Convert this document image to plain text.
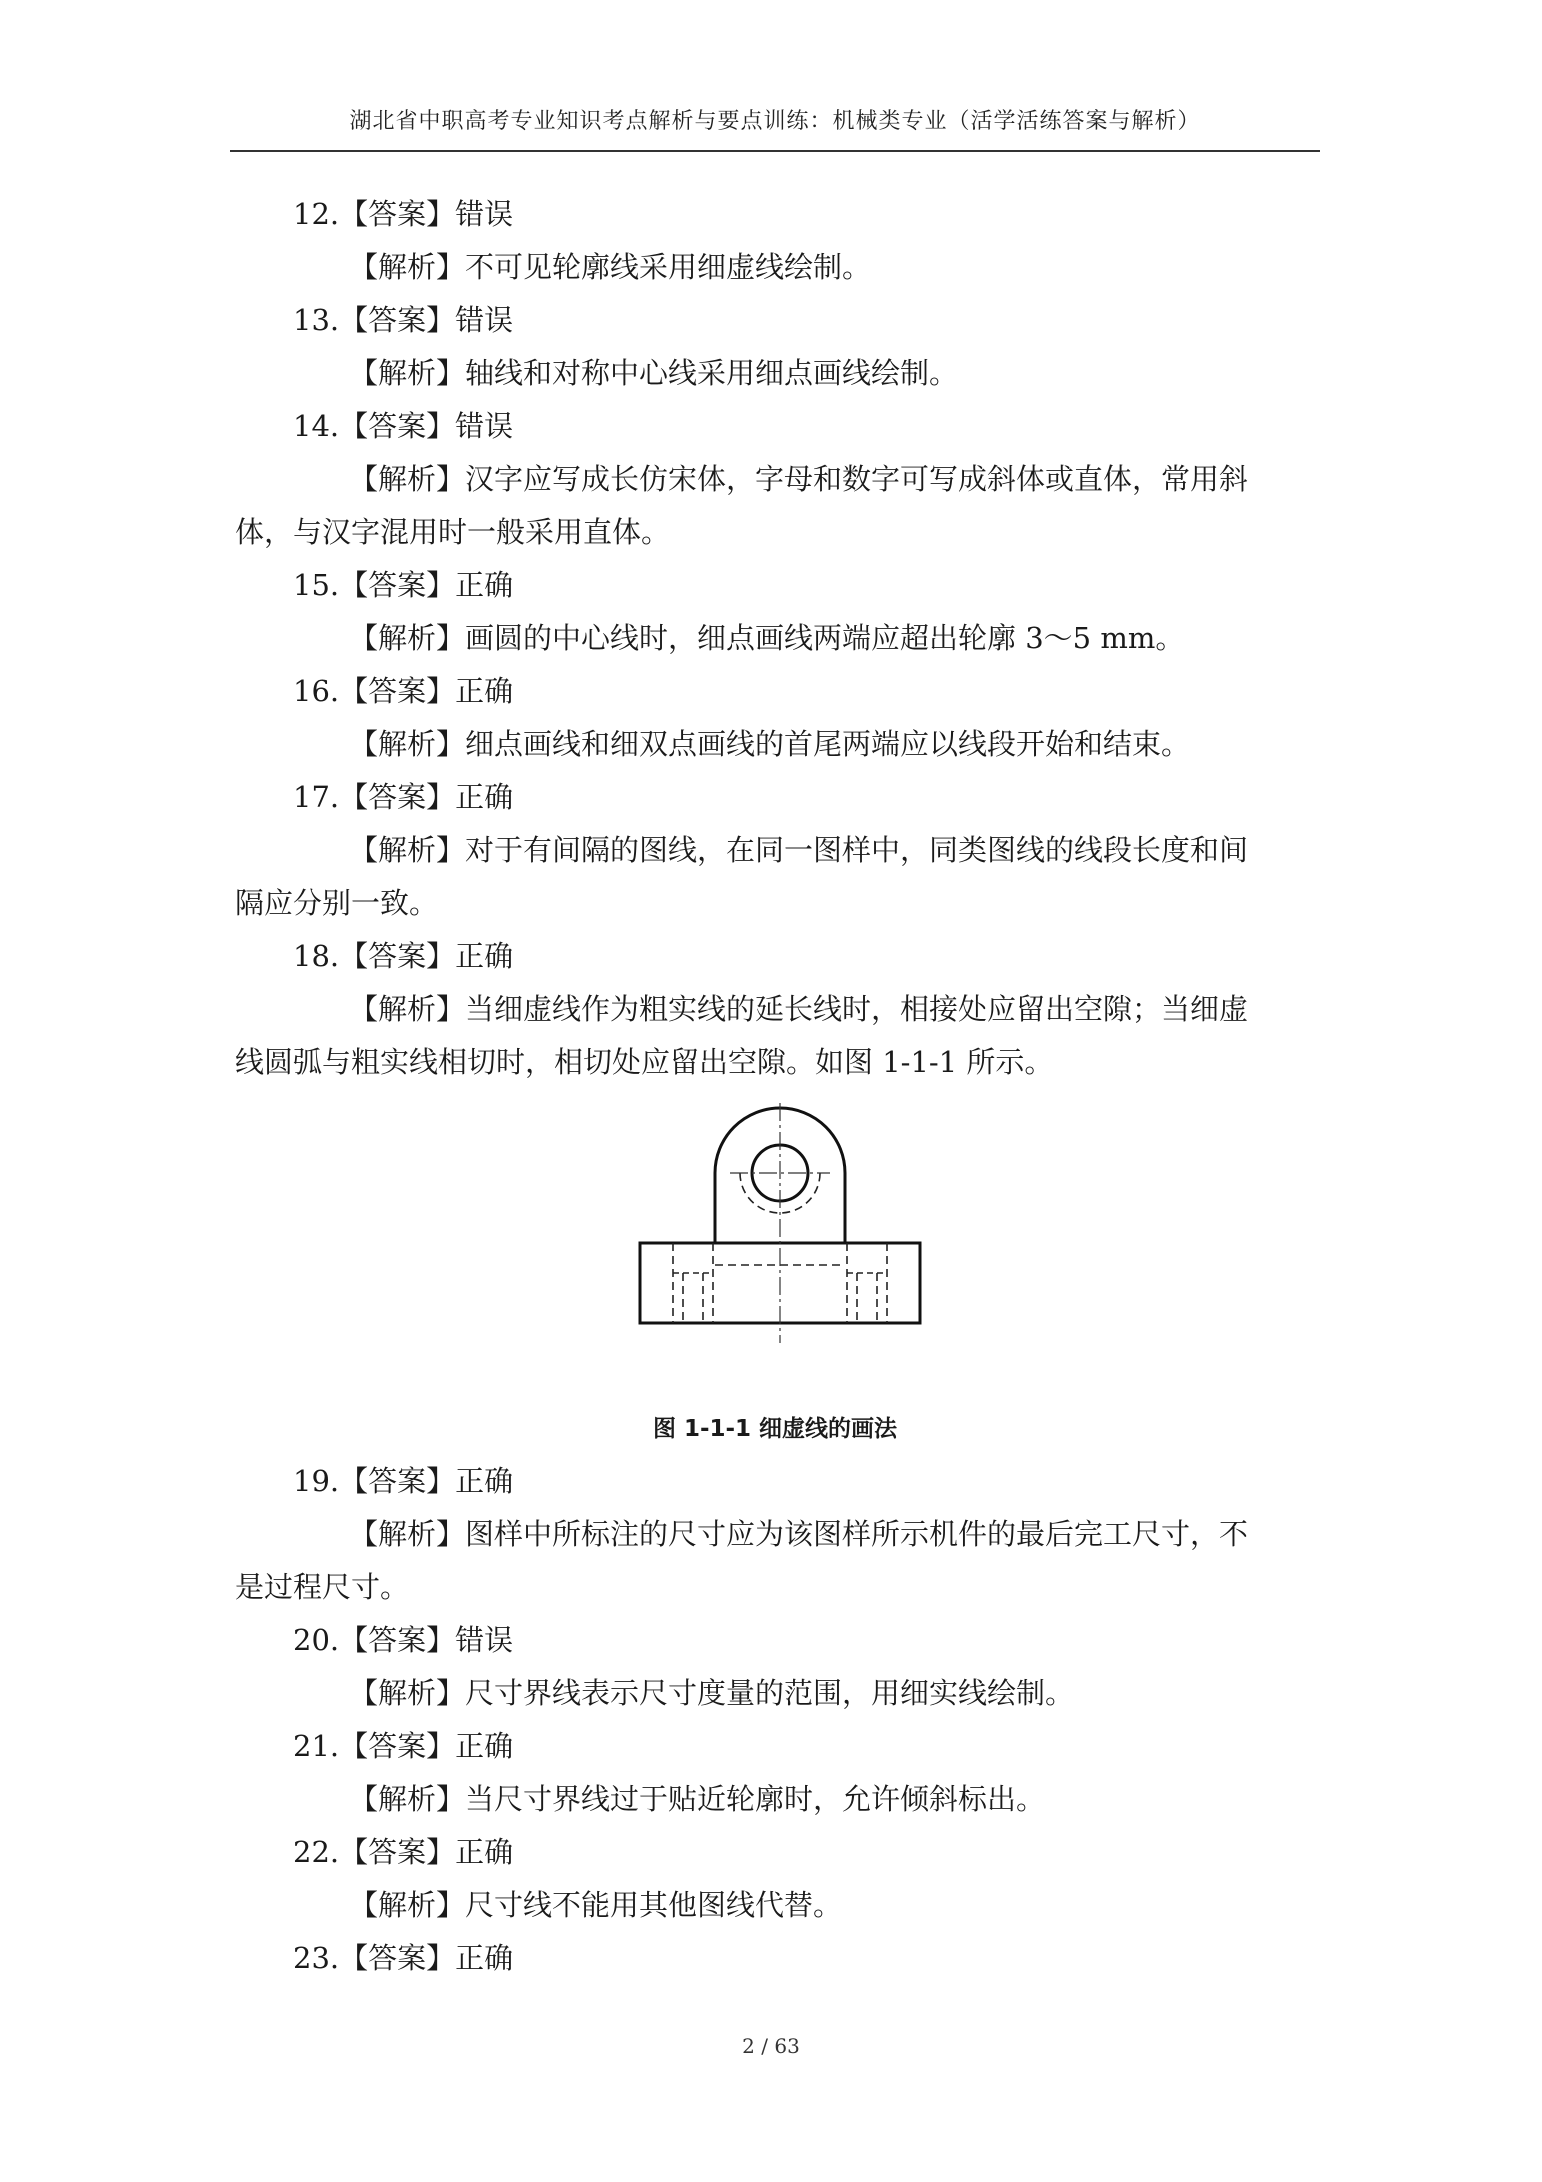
湖北省中职高考专业知识考点解析与要点训练：机械类专业（活学活练答案与解析）
12.【答案】错误
【解析】不可见轮廓线采用细虚线绘制。
13.【答案】错误
【解析】轴线和对称中心线采用细点画线绘制。
14.【答案】错误
【解析】汉字应写成长仿宋体，字母和数字可写成斜体或直体，常用斜
体，与汉字混用时一般采用直体。
15.【答案】正确
【解析】画圆的中心线时，细点画线两端应超出轮廓 3～5 mm。
16.【答案】正确
【解析】细点画线和细双点画线的首尾两端应以线段开始和结束。
17.【答案】正确
【解析】对于有间隔的图线，在同一图样中，同类图线的线段长度和间
隔应分别一致。
18.【答案】正确
【解析】当细虚线作为粗实线的延长线时，相接处应留出空隙；当细虚
线圆弧与粗实线相切时，相切处应留出空隙。如图 1-1-1 所示。
图 1-1-1 细虚线的画法
19.【答案】正确
【解析】图样中所标注的尺寸应为该图样所示机件的最后完工尺寸，不
是过程尺寸。
20.【答案】错误
【解析】尺寸界线表示尺寸度量的范围，用细实线绘制。
21.【答案】正确
【解析】当尺寸界线过于贴近轮廓时，允许倾斜标出。
22.【答案】正确
【解析】尺寸线不能用其他图线代替。
23.【答案】正确
2 / 63
